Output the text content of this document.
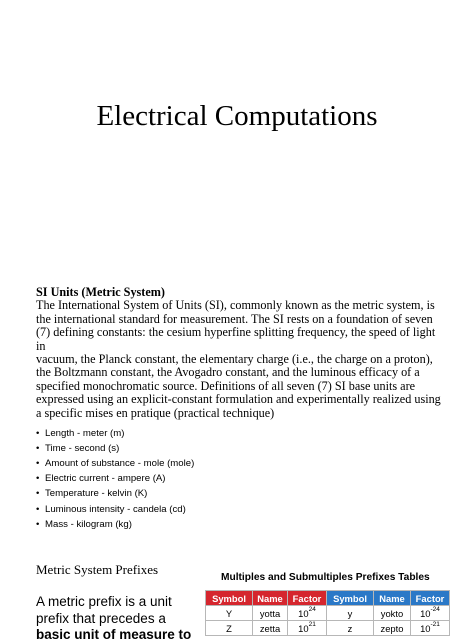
Electrical Computations
SI Units (Metric System)
The International System of Units (SI), commonly known as the metric system, is
the international standard for measurement. The SI rests on a foundation of seven
(7) defining constants: the cesium hyperfine splitting frequency, the speed of light in
vacuum, the Planck constant, the elementary charge (i.e., the charge on a proton),
the Boltzmann constant, the Avogadro constant, and the luminous efficacy of a
specified monochromatic source. Definitions of all seven (7) SI base units are
expressed using an explicit-constant formulation and experimentally realized using
a specific mises en pratique (practical technique)
• Length - meter (m)
• Time - second (s)
• Amount of substance - mole (mole)
• Electric current - ampere (A)
• Temperature - kelvin (K)
• Luminous intensity - candela (cd)
• Mass - kilogram (kg)
Metric System Prefixes
A metric prefix is a unit
prefix that precedes a
basic unit of measure to
Multiples and Submultiples Prefixes Tables
Symbol	Name	Factor	Symbol	Name	Factor
Y	yotta	$10^{24}$	y	yokto	$10^{-24}$
Z	zetta	$10^{21}$	z	zepto	$10^{-21}$
